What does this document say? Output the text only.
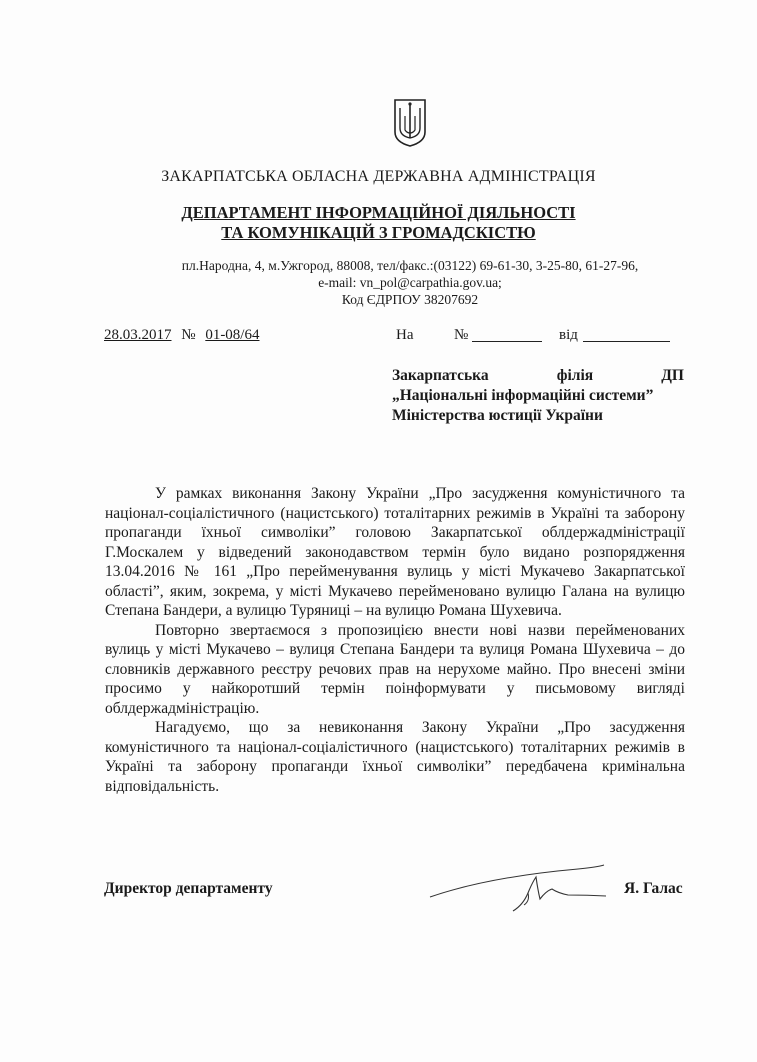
ЗАКАРПАТСЬКА ОБЛАСНА ДЕРЖАВНА АДМІНІСТРАЦІЯ
ДЕПАРТАМЕНТ ІНФОРМАЦІЙНОЇ ДІЯЛЬНОСТІ
ТА КОМУНІКАЦІЙ З ГРОМАДСКІСТЮ
пл.Народна, 4, м.Ужгород, 88008, тел/факс.:(03122) 69-61-30, 3-25-80, 61-27-96,
e-mail: vn_pol@carpathia.gov.ua;
Код ЄДРПОУ 38207692
28.03.2017 № 01-08/64	На	№	від
Закарпатська	філія	ДП
„Національні інформаційні системи”
Міністерства юстиції України

У рамках виконання Закону України „Про засудження комуністичного та націонал-соціалістичного (нацистського) тоталітарних режимів в Україні та заборону пропаганди їхньої символіки” головою Закарпатської облдержадміністрації Г.Москалем у відведений законодавством термін було видано розпорядження 13.04.2016 № 161 „Про перейменування вулиць у місті Мукачево Закарпатської області”, яким, зокрема, у місті Мукачево перейменовано вулицю Галана на вулицю Степана Бандери, а вулицю Туряниці – на вулицю Романа Шухевича.

Повторно звертаємося з пропозицією внести нові назви перейменованих вулиць у місті Мукачево – вулиця Степана Бандери та вулиця Романа Шухевича – до словників державного реєстру речових прав на нерухоме майно. Про внесені зміни просимо у найкоротший термін поінформувати у письмовому вигляді облдержадміністрацію.

Нагадуємо, що за невиконання Закону України „Про засудження комуністичного та націонал-соціалістичного (нацистського) тоталітарних режимів в Україні та заборону пропаганди їхньої символіки” передбачена кримінальна відповідальність.

Директор департаменту	Я. Галас
